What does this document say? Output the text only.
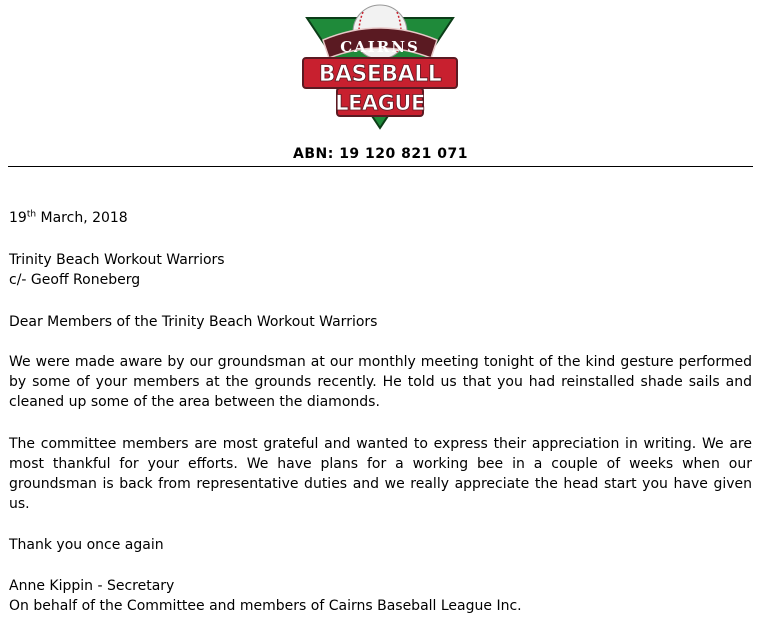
CAIRNS
BASEBALL
LEAGUE
ABN: 19 120 821 071
19th March, 2018
Trinity Beach Workout Warriors
c/- Geoff Roneberg
Dear Members of the Trinity Beach Workout Warriors
We were made aware by our groundsman at our monthly meeting tonight of the kind gesture performed by some of your members at the grounds recently. He told us that you had reinstalled shade sails and cleaned up some of the area between the diamonds.
The committee members are most grateful and wanted to express their appreciation in writing. We are most thankful for your efforts. We have plans for a working bee in a couple of weeks when our groundsman is back from representative duties and we really appreciate the head start you have given us.
Thank you once again
Anne Kippin - Secretary
On behalf of the Committee and members of Cairns Baseball League Inc.
